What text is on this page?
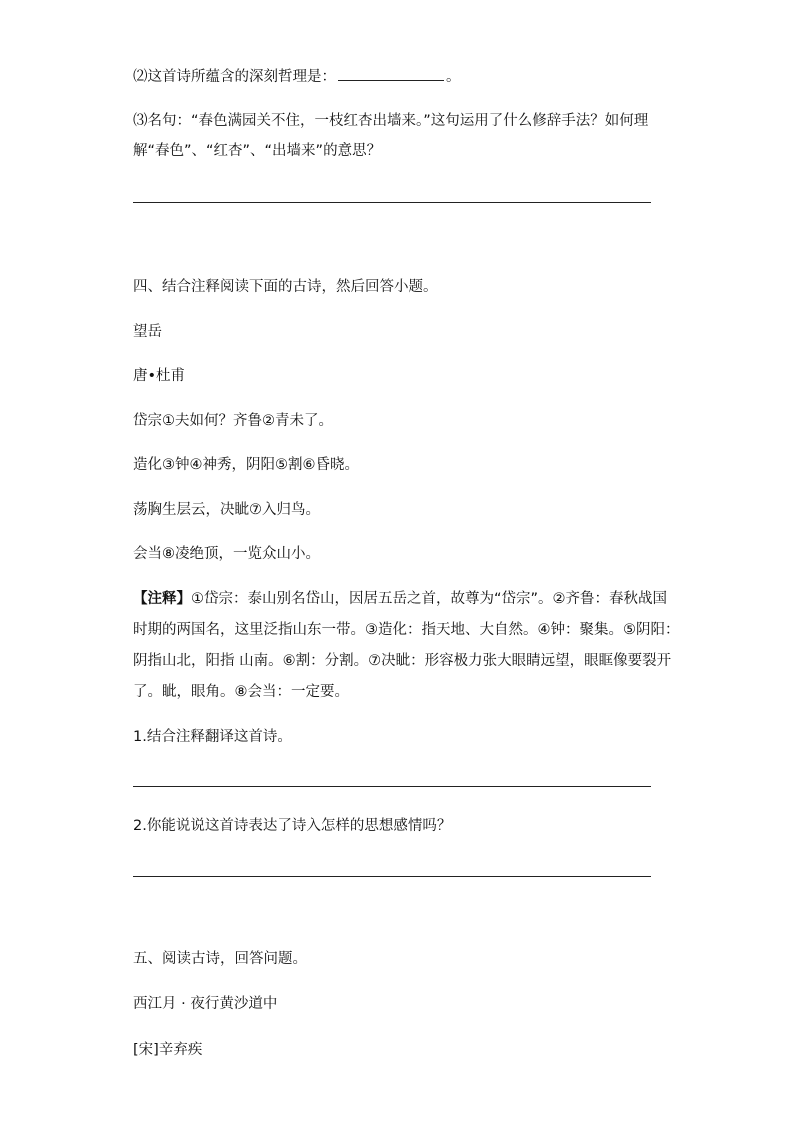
⑵这首诗所蕴含的深刻哲理是：	。
⑶名句：“春色满园关不住，一枝红杏出墙来。”这句运用了什么修辞手法？如何理
解“春色”、“红杏”、“出墙来”的意思？
四、结合注释阅读下面的古诗，然后回答小题。
望岳
唐•杜甫
岱宗①夫如何？齐鲁②青未了。
造化③钟④神秀，阴阳⑤割⑥昏晓。
荡胸生层云，决眦⑦入归鸟。
会当⑧凌绝顶，一览众山小。
【注释】①岱宗：泰山别名岱山，因居五岳之首，故尊为“岱宗”。②齐鲁：春秋战国
时期的两国名，这里泛指山东一带。③造化：指天地、大自然。④钟：聚集。⑤阴阳：
阴指山北，阳指 山南。⑥割：分割。⑦决眦：形容极力张大眼睛远望，眼眶像要裂开
了。眦，眼角。⑧会当：一定要。
1.结合注释翻译这首诗。
2.你能说说这首诗表达了诗入怎样的思想感情吗？
五、阅读古诗，回答问题。
西江月 · 夜行黄沙道中
[宋]辛弃疾
